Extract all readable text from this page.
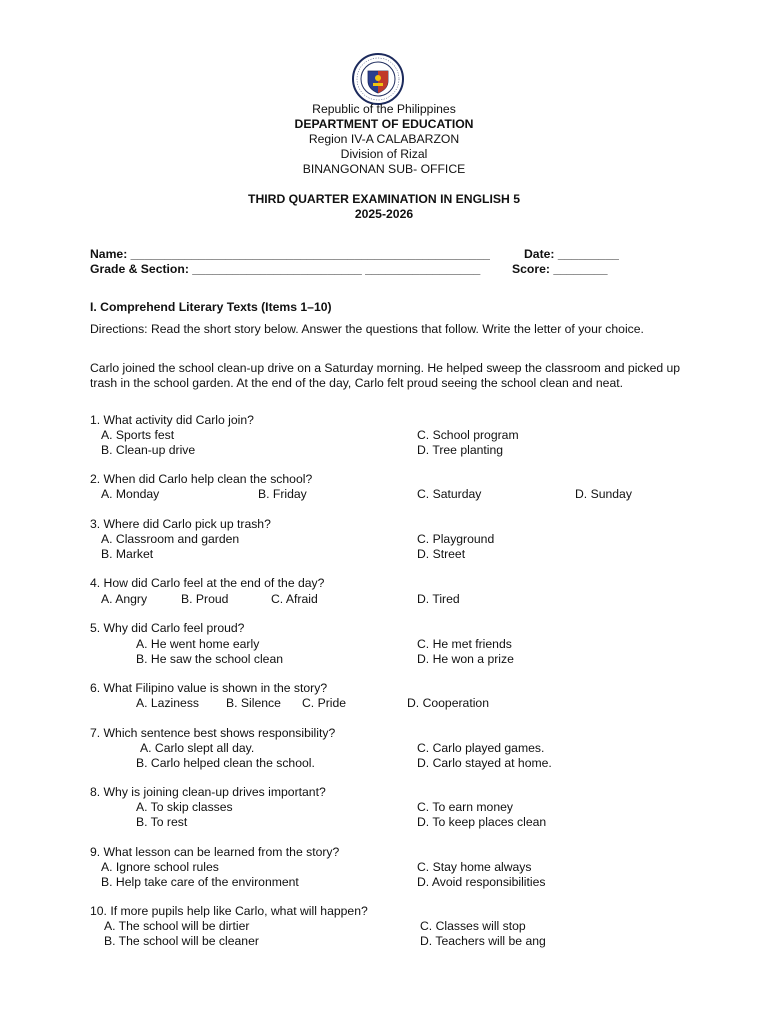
Republic of the Philippines
DEPARTMENT OF EDUCATION
Region IV-A CALABARZON
Division of Rizal
BINANGONAN SUB- OFFICE
THIRD QUARTER EXAMINATION IN ENGLISH 5
2025-2026
Name: _____________________________________________________	Date: _________
Grade & Section: _________________________ _________________	Score: ________
I. Comprehend Literary Texts (Items 1–10)
Directions: Read the short story below. Answer the questions that follow. Write the letter of your choice.
Carlo joined the school clean-up drive on a Saturday morning. He helped sweep the classroom and picked up trash in the school garden. At the end of the day, Carlo felt proud seeing the school clean and neat.
1. What activity did Carlo join?
A. Sports fest
B. Clean-up drive
C. School program
D. Tree planting
2. When did Carlo help clean the school?
A. Monday	B. Friday	C. Saturday	D. Sunday
3. Where did Carlo pick up trash?
A. Classroom and garden
B. Market
C. Playground
D. Street
4. How did Carlo feel at the end of the day?
A. Angry	B. Proud	C. Afraid	D. Tired
5. Why did Carlo feel proud?
A. He went home early
B. He saw the school clean
C. He met friends
D. He won a prize
6. What Filipino value is shown in the story?
A. Laziness B. Silence C. Pride	D. Cooperation
7. Which sentence best shows responsibility?
A. Carlo slept all day.
B. Carlo helped clean the school.
C. Carlo played games.
D. Carlo stayed at home.
8. Why is joining clean-up drives important?
A. To skip classes
B. To rest
C. To earn money
D. To keep places clean
9. What lesson can be learned from the story?
A. Ignore school rules
B. Help take care of the environment
C. Stay home always
D. Avoid responsibilities
10. If more pupils help like Carlo, what will happen?
A. The school will be dirtier
B. The school will be cleaner
C. Classes will stop
D. Teachers will be ang
